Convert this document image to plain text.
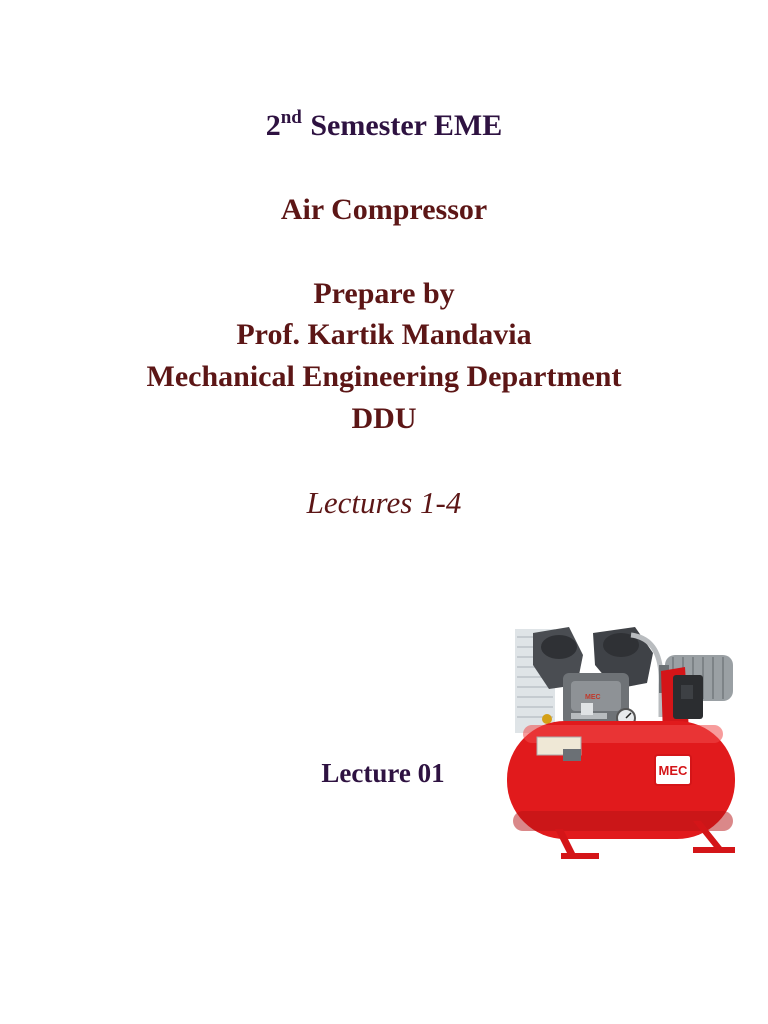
2nd Semester EME
Air Compressor
Prepare by
Prof. Kartik Mandavia
Mechanical Engineering Department
DDU
Lectures 1-4
Lecture 01
MEC
MEC
